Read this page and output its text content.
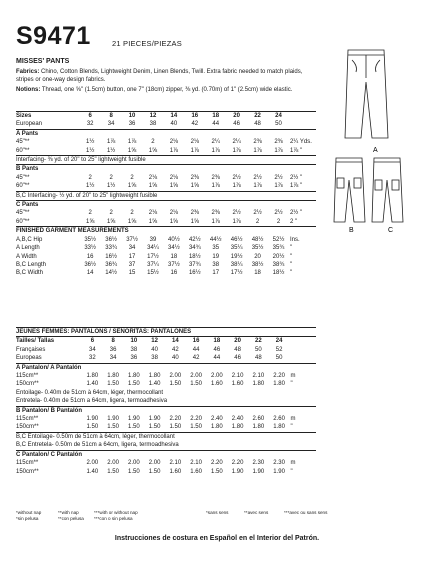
S9471	21 PIECES/PIEZAS
MISSES' PANTS
Fabrics: Chino, Cotton Blends, Lightweight Denim, Linen Blends, Twill. Extra fabric needed to match plaids, stripes or one-way design fabrics.
Notions: Thread, one ⅝" (1.5cm) button, one 7" (18cm) zipper, ⅜ yd. (0.70m) of 1" (2.5cm) wide elastic.
Sizes	6	8	10	12	14	16	18	20	22	24	
European	32	34	36	38	40	42	44	46	48	50	
A Pants											
45"**	1½	1⅞	1⅞	2	2⅛	2⅛	2¼	2¼	2⅜	2⅜	2¼ Yds.
60"**	1½	1½	1⅝	1⅝	1⅞	1⅞	1⅞	1⅞	1⅞	1⅞	1⅞ "
Interfacing- ⅜ yd. of 20" to 25" lightweight fusible											
B Pants											
45"**	2	2	2	2⅛	2⅛	2⅜	2⅜	2½	2½	2½	2½ "
60"**	1½	1½	1⅝	1⅝	1⅝	1⅝	1⅞	1⅞	1⅞	1⅞	1⅞ "
B,C Interfacing- ½ yd. of 20" to 25" lightweight fusible											
C Pants											
45"**	2	2	2	2⅛	2⅛	2⅜	2⅜	2½	2½	2½	2½ "
60"**	1⅝	1⅝	1⅝	1⅝	1⅝	1⅝	1⅞	1⅞	2	2	2 "
FINISHED GARMENT MEASUREMENTS											
A,B,C Hip	35½	36½	37½	39	40½	42½	44½	46½	48½	52½	Ins.
A Length	33½	33¾	34	34¼	34½	34¾	35	35¼	35½	35¾	"
A Width	16	16½	17	17½	18	18½	19	19½	20	20½	"
B,C Length	36½	36¾	37	37¼	37½	37¾	38	38¼	38½	38¾	"
B,C Width	14	14½	15	15½	16	16½	17	17½	18	18½	"
JEUNES FEMMES: PANTALONS / SEÑORITAS: PANTALONES											
Tailles/ Tallas	6	8	10	12	14	16	18	20	22	24	
Françaises	34	36	38	40	42	44	46	48	50	52	
Europeas	32	34	36	38	40	42	44	46	48	50	
A Pantalon/ A Pantalón											
115cm**	1.80	1.80	1.80	1.80	2.00	2.00	2.00	2.10	2.10	2.20	m
150cm**	1.40	1.50	1.50	1.40	1.50	1.50	1.60	1.60	1.80	1.80	"
Entoilage- 0.40m de 51cm à 64cm, léger, thermocollant											
Entretela- 0.40m de 51cm a 64cm, ligera, termoadhesiva											
B Pantalon/ B Pantalón											
115cm**	1.90	1.90	1.90	1.90	2.20	2.20	2.40	2.40	2.60	2.60	m
150cm**	1.50	1.50	1.50	1.50	1.50	1.50	1.80	1.80	1.80	1.80	"
B,C Entoilage- 0.50m de 51cm à 64cm, léger, thermocollant											
B,C Entretela- 0.50m de 51cm a 64cm, ligera, termoadhesiva											
C Pantalon/ C Pantalón											
115cm**	2.00	2.00	2.00	2.00	2.10	2.10	2.20	2.20	2.30	2.30	m
150cm**	1.40	1.50	1.50	1.50	1.60	1.60	1.50	1.90	1.90	1.90	"
A
B	C
*without nap
*sin pelusa
**with nap
**con pelusa
***with or without nap
***con o sin pelusa
*sans sens	**avec sens	***avec ou sans sens
Instrucciones de costura en Español en el Interior del Patrón.
